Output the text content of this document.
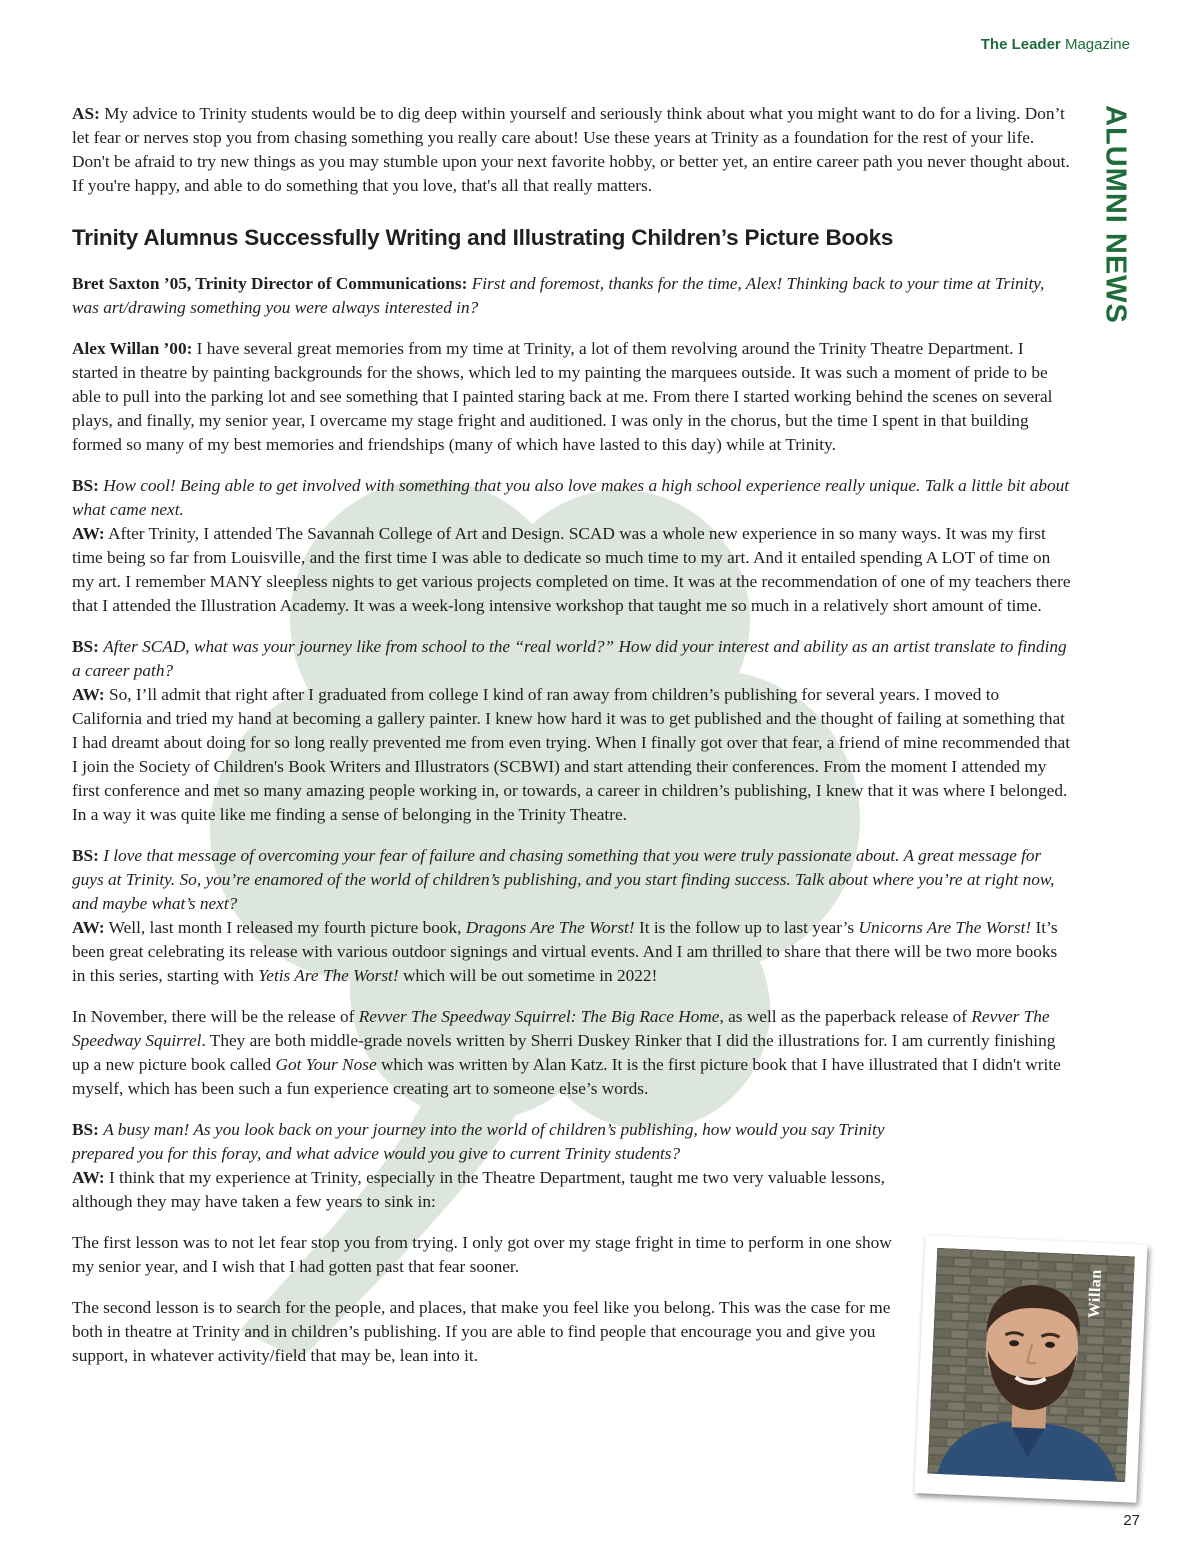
The Leader Magazine
ALUMNI NEWS

AS: My advice to Trinity students would be to dig deep within yourself and seriously think about what you might want to do for a living. Don’t let fear or nerves stop you from chasing something you really care about! Use these years at Trinity as a foundation for the rest of your life. Don't be afraid to try new things as you may stumble upon your next favorite hobby, or better yet, an entire career path you never thought about. If you're happy, and able to do something that you love, that's all that really matters.

Trinity Alumnus Successfully Writing and Illustrating Children’s Picture Books

Bret Saxton ’05, Trinity Director of Communications: First and foremost, thanks for the time, Alex! Thinking back to your time at Trinity, was art/drawing something you were always interested in?

Alex Willan ’00: I have several great memories from my time at Trinity, a lot of them revolving around the Trinity Theatre Department. I started in theatre by painting backgrounds for the shows, which led to my painting the marquees outside. It was such a moment of pride to be able to pull into the parking lot and see something that I painted staring back at me. From there I started working behind the scenes on several plays, and finally, my senior year, I overcame my stage fright and auditioned. I was only in the chorus, but the time I spent in that building formed so many of my best memories and friendships (many of which have lasted to this day) while at Trinity.

BS: How cool! Being able to get involved with something that you also love makes a high school experience really unique. Talk a little bit about what came next.

AW: After Trinity, I attended The Savannah College of Art and Design. SCAD was a whole new experience in so many ways. It was my first time being so far from Louisville, and the first time I was able to dedicate so much time to my art. And it entailed spending A LOT of time on my art. I remember MANY sleepless nights to get various projects completed on time. It was at the recommendation of one of my teachers there that I attended the Illustration Academy. It was a week-long intensive workshop that taught me so much in a relatively short amount of time.

BS: After SCAD, what was your journey like from school to the “real world?” How did your interest and ability as an artist translate to finding a career path?

AW: So, I’ll admit that right after I graduated from college I kind of ran away from children’s publishing for several years. I moved to California and tried my hand at becoming a gallery painter. I knew how hard it was to get published and the thought of failing at something that I had dreamt about doing for so long really prevented me from even trying. When I finally got over that fear, a friend of mine recommended that I join the Society of Children's Book Writers and Illustrators (SCBWI) and start attending their conferences. From the moment I attended my first conference and met so many amazing people working in, or towards, a career in children’s publishing, I knew that it was where I belonged. In a way it was quite like me finding a sense of belonging in the Trinity Theatre.

BS: I love that message of overcoming your fear of failure and chasing something that you were truly passionate about. A great message for guys at Trinity. So, you’re enamored of the world of children’s publishing, and you start finding success. Talk about where you’re at right now, and maybe what’s next?

AW: Well, last month I released my fourth picture book, Dragons Are The Worst! It is the follow up to last year’s Unicorns Are The Worst! It’s been great celebrating its release with various outdoor signings and virtual events. And I am thrilled to share that there will be two more books in this series, starting with Yetis Are The Worst! which will be out sometime in 2022!

In November, there will be the release of Revver The Speedway Squirrel: The Big Race Home, as well as the paperback release of Revver The Speedway Squirrel. They are both middle-grade novels written by Sherri Duskey Rinker that I did the illustrations for. I am currently finishing up a new picture book called Got Your Nose which was written by Alan Katz. It is the first picture book that I have illustrated that I didn't write myself, which has been such a fun experience creating art to someone else’s words.

BS: A busy man! As you look back on your journey into the world of children’s publishing, how would you say Trinity prepared you for this foray, and what advice would you give to current Trinity students?

AW: I think that my experience at Trinity, especially in the Theatre Department, taught me two very valuable lessons, although they may have taken a few years to sink in:

The first lesson was to not let fear stop you from trying. I only got over my stage fright in time to perform in one show my senior year, and I wish that I had gotten past that fear sooner.

The second lesson is to search for the people, and places, that make you feel like you belong. This was the case for me both in theatre at Trinity and in children’s publishing. If you are able to find people that encourage you and give you support, in whatever activity/field that may be, lean into it.

Willan
27
